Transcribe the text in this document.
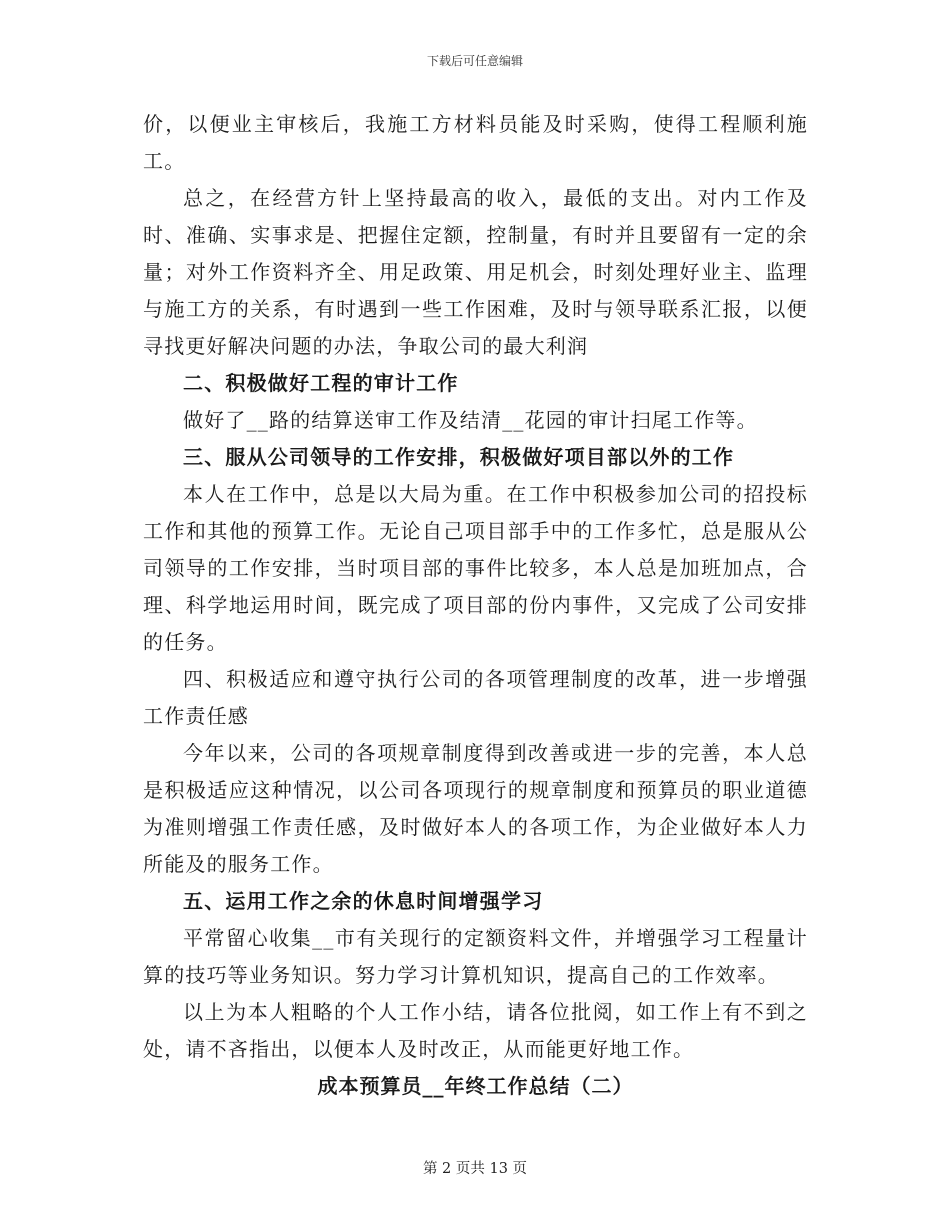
下载后可任意编辑

价，以便业主审核后，我施工方材料员能及时采购，使得工程顺利施工。

总之，在经营方针上坚持最高的收入，最低的支出。对内工作及时、准确、实事求是、把握住定额，控制量，有时并且要留有一定的余量；对外工作资料齐全、用足政策、用足机会，时刻处理好业主、监理与施工方的关系，有时遇到一些工作困难，及时与领导联系汇报，以便寻找更好解决问题的办法，争取公司的最大利润

二、积极做好工程的审计工作

做好了__路的结算送审工作及结清__花园的审计扫尾工作等。

三、服从公司领导的工作安排，积极做好项目部以外的工作

本人在工作中，总是以大局为重。在工作中积极参加公司的招投标工作和其他的预算工作。无论自己项目部手中的工作多忙，总是服从公司领导的工作安排，当时项目部的事件比较多，本人总是加班加点，合理、科学地运用时间，既完成了项目部的份内事件，又完成了公司安排的任务。

四、积极适应和遵守执行公司的各项管理制度的改革，进一步增强工作责任感

今年以来，公司的各项规章制度得到改善或进一步的完善，本人总是积极适应这种情况，以公司各项现行的规章制度和预算员的职业道德为准则增强工作责任感，及时做好本人的各项工作，为企业做好本人力所能及的服务工作。

五、运用工作之余的休息时间增强学习

平常留心收集__市有关现行的定额资料文件，并增强学习工程量计算的技巧等业务知识。努力学习计算机知识，提高自己的工作效率。

以上为本人粗略的个人工作小结，请各位批阅，如工作上有不到之处，请不吝指出，以便本人及时改正，从而能更好地工作。

成本预算员__年终工作总结（二）

第 2 页共 13 页
